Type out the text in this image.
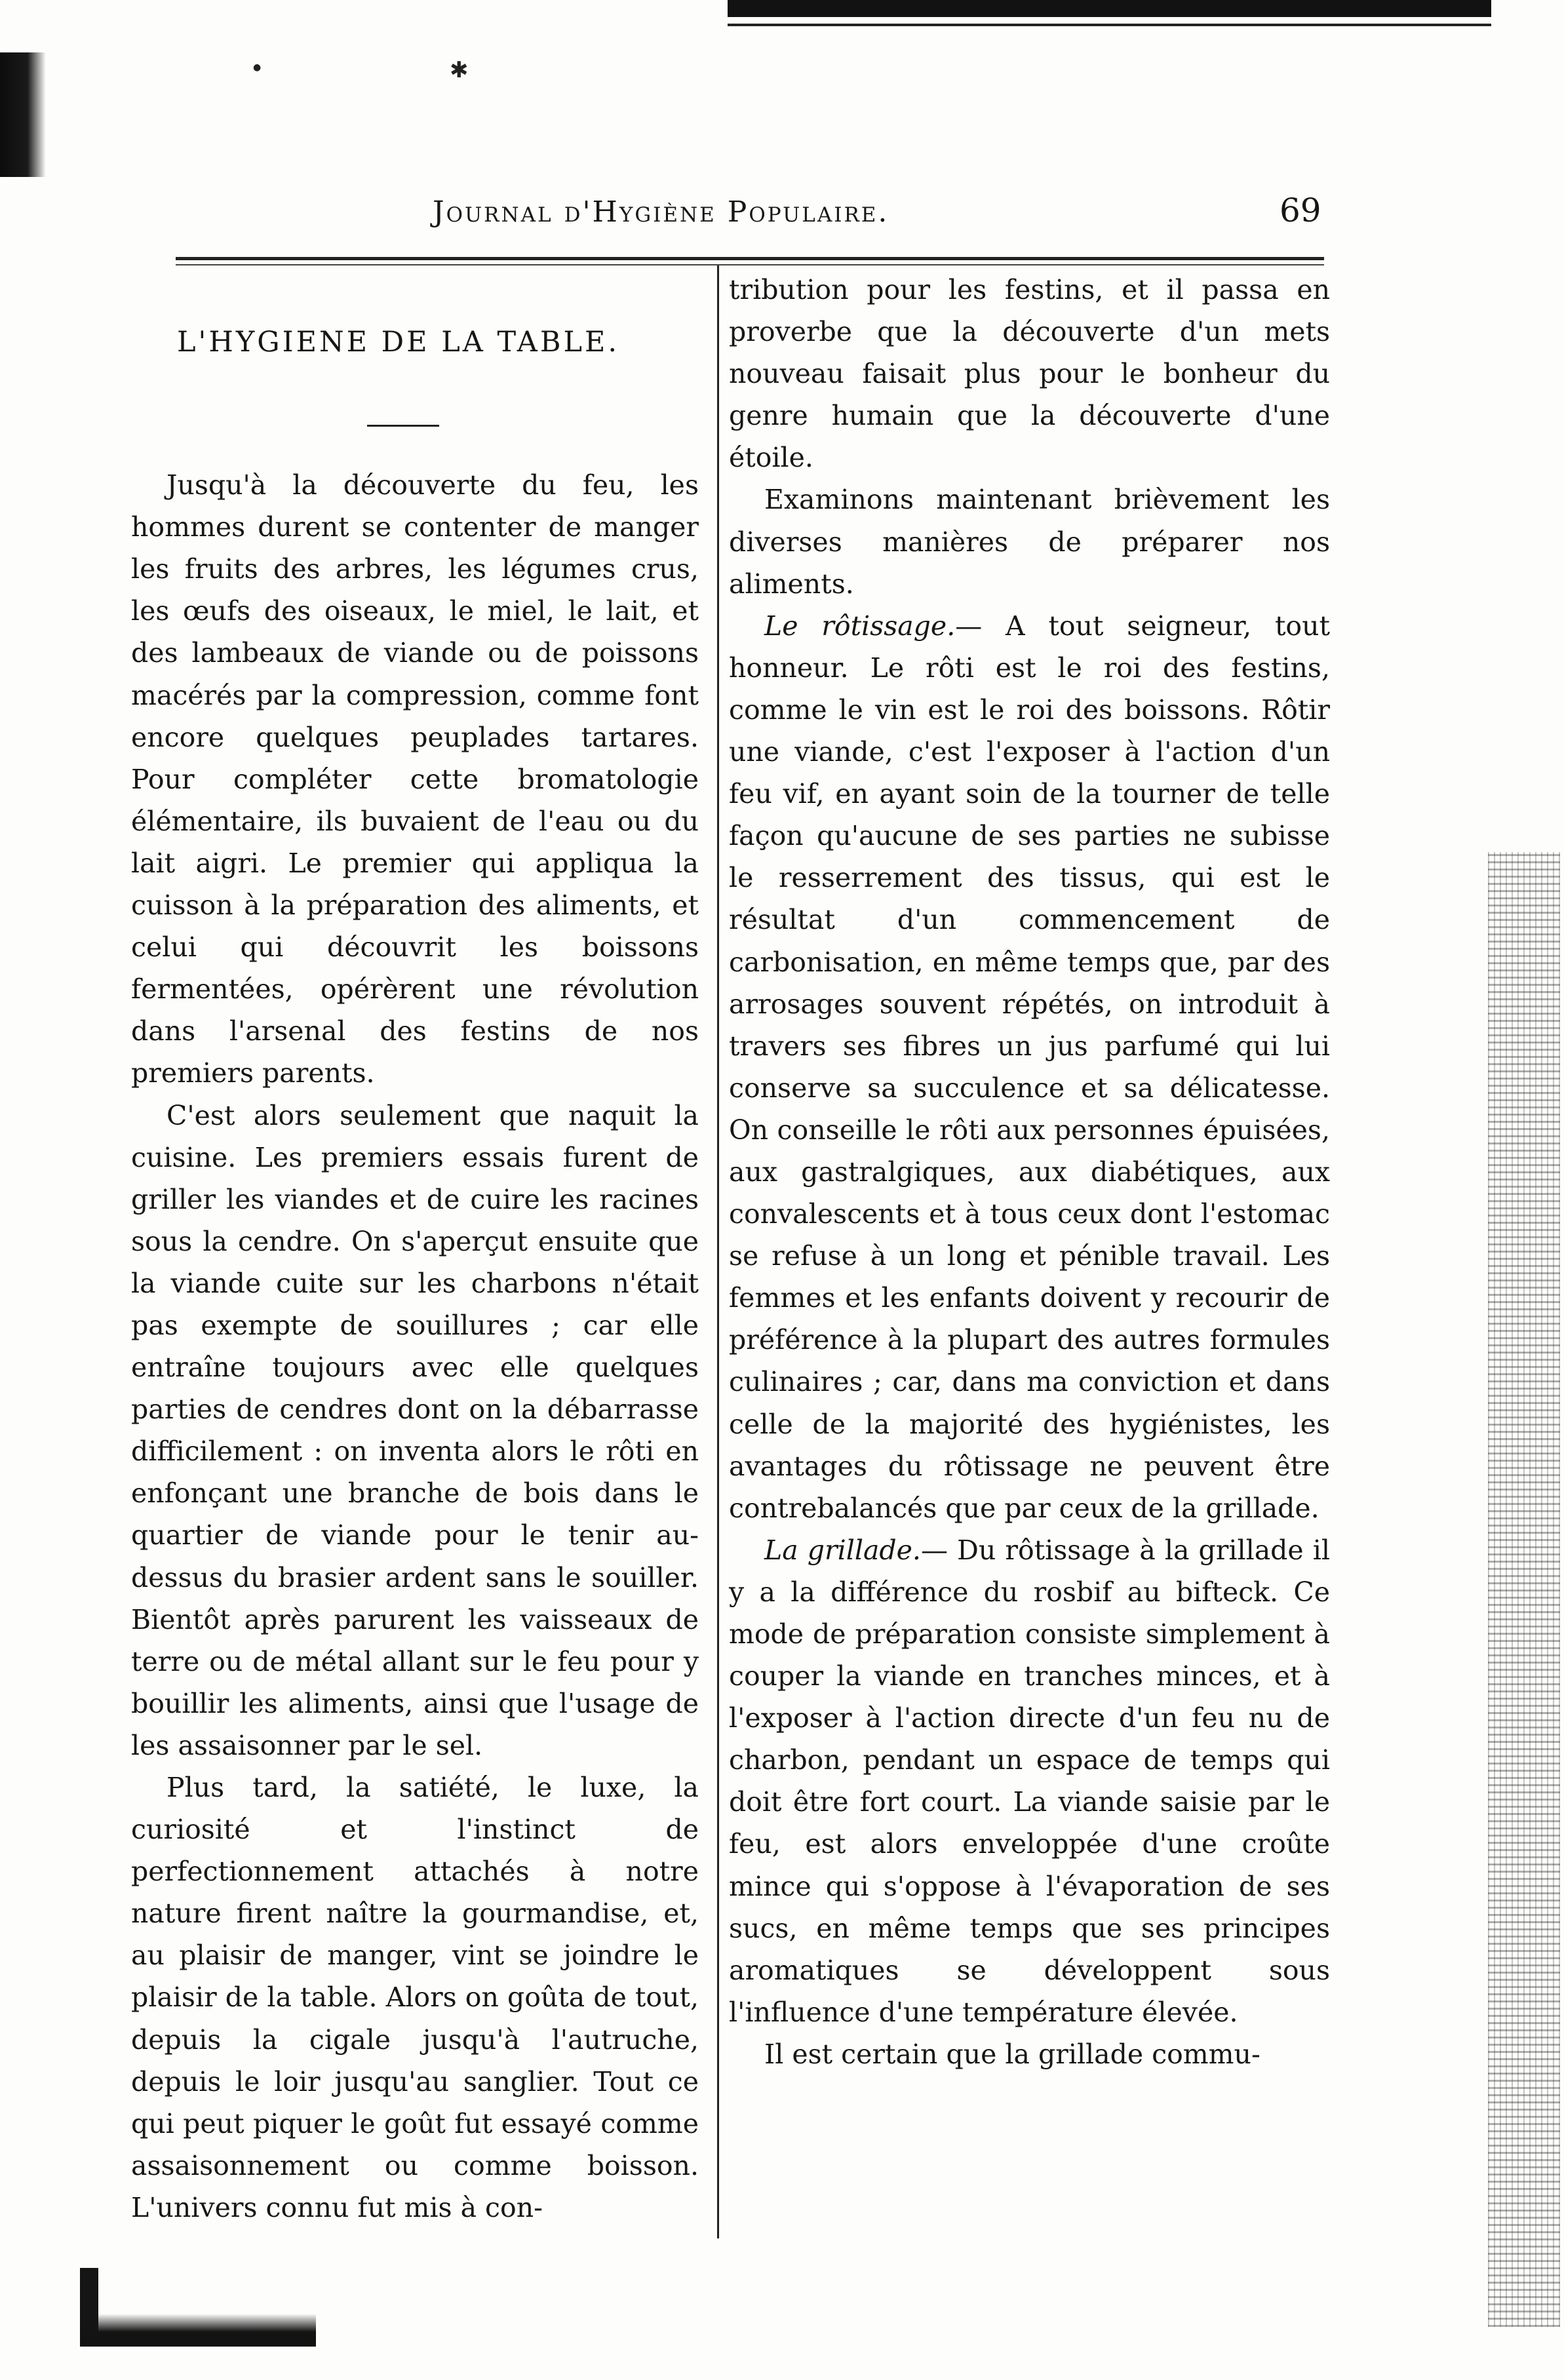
✱
●
Journal d'Hygiène Populaire.	69
L'HYGIENE DE LA TABLE.

Jusqu'à la découverte du feu, les hommes durent se contenter de manger les fruits des arbres, les légumes crus, les œufs des oiseaux, le miel, le lait, et des lambeaux de viande ou de poissons macérés par la compression, comme font encore quelques peuplades tartares. Pour compléter cette bromatologie élémentaire, ils buvaient de l'eau ou du lait aigri. Le premier qui appliqua la cuisson à la préparation des aliments, et celui qui découvrit les boissons fermentées, opérèrent une révolution dans l'arsenal des festins de nos premiers parents.

C'est alors seulement que naquit la cuisine. Les premiers essais furent de griller les viandes et de cuire les racines sous la cendre. On s'aperçut ensuite que la viande cuite sur les charbons n'était pas exempte de souillures ; car elle entraîne toujours avec elle quelques parties de cendres dont on la débarrasse difficilement : on inventa alors le rôti en enfonçant une branche de bois dans le quartier de viande pour le tenir au-dessus du brasier ardent sans le souiller. Bientôt après parurent les vaisseaux de terre ou de métal allant sur le feu pour y bouillir les aliments, ainsi que l'usage de les assaisonner par le sel.

Plus tard, la satiété, le luxe, la curiosité et l'instinct de perfectionnement attachés à notre nature firent naître la gourmandise, et, au plaisir de manger, vint se joindre le plaisir de la table. Alors on goûta de tout, depuis la cigale jusqu'à l'autruche, depuis le loir jusqu'au sanglier. Tout ce qui peut piquer le goût fut essayé comme assaisonnement ou comme boisson. L'univers connu fut mis à con-

tribution pour les festins, et il passa en proverbe que la découverte d'un mets nouveau faisait plus pour le bonheur du genre humain que la découverte d'une étoile.

Examinons maintenant brièvement les diverses manières de préparer nos aliments.

Le rôtissage.— A tout seigneur, tout honneur. Le rôti est le roi des festins, comme le vin est le roi des boissons. Rôtir une viande, c'est l'exposer à l'action d'un feu vif, en ayant soin de la tourner de telle façon qu'aucune de ses parties ne subisse le resserrement des tissus, qui est le résultat d'un commencement de carbonisation, en même temps que, par des arrosages souvent répétés, on introduit à travers ses fibres un jus parfumé qui lui conserve sa succulence et sa délicatesse. On conseille le rôti aux personnes épuisées, aux gastralgiques, aux diabétiques, aux convalescents et à tous ceux dont l'estomac se refuse à un long et pénible travail. Les femmes et les enfants doivent y recourir de préférence à la plupart des autres formules culinaires ; car, dans ma conviction et dans celle de la majorité des hygiénistes, les avantages du rôtissage ne peuvent être contrebalancés que par ceux de la grillade.

La grillade.— Du rôtissage à la grillade il y a la différence du rosbif au bifteck. Ce mode de préparation consiste simplement à couper la viande en tranches minces, et à l'exposer à l'action directe d'un feu nu de charbon, pendant un espace de temps qui doit être fort court. La viande saisie par le feu, est alors enveloppée d'une croûte mince qui s'oppose à l'évaporation de ses sucs, en même temps que ses principes aromatiques se développent sous l'influence d'une température élevée.

Il est certain que la grillade commu-
